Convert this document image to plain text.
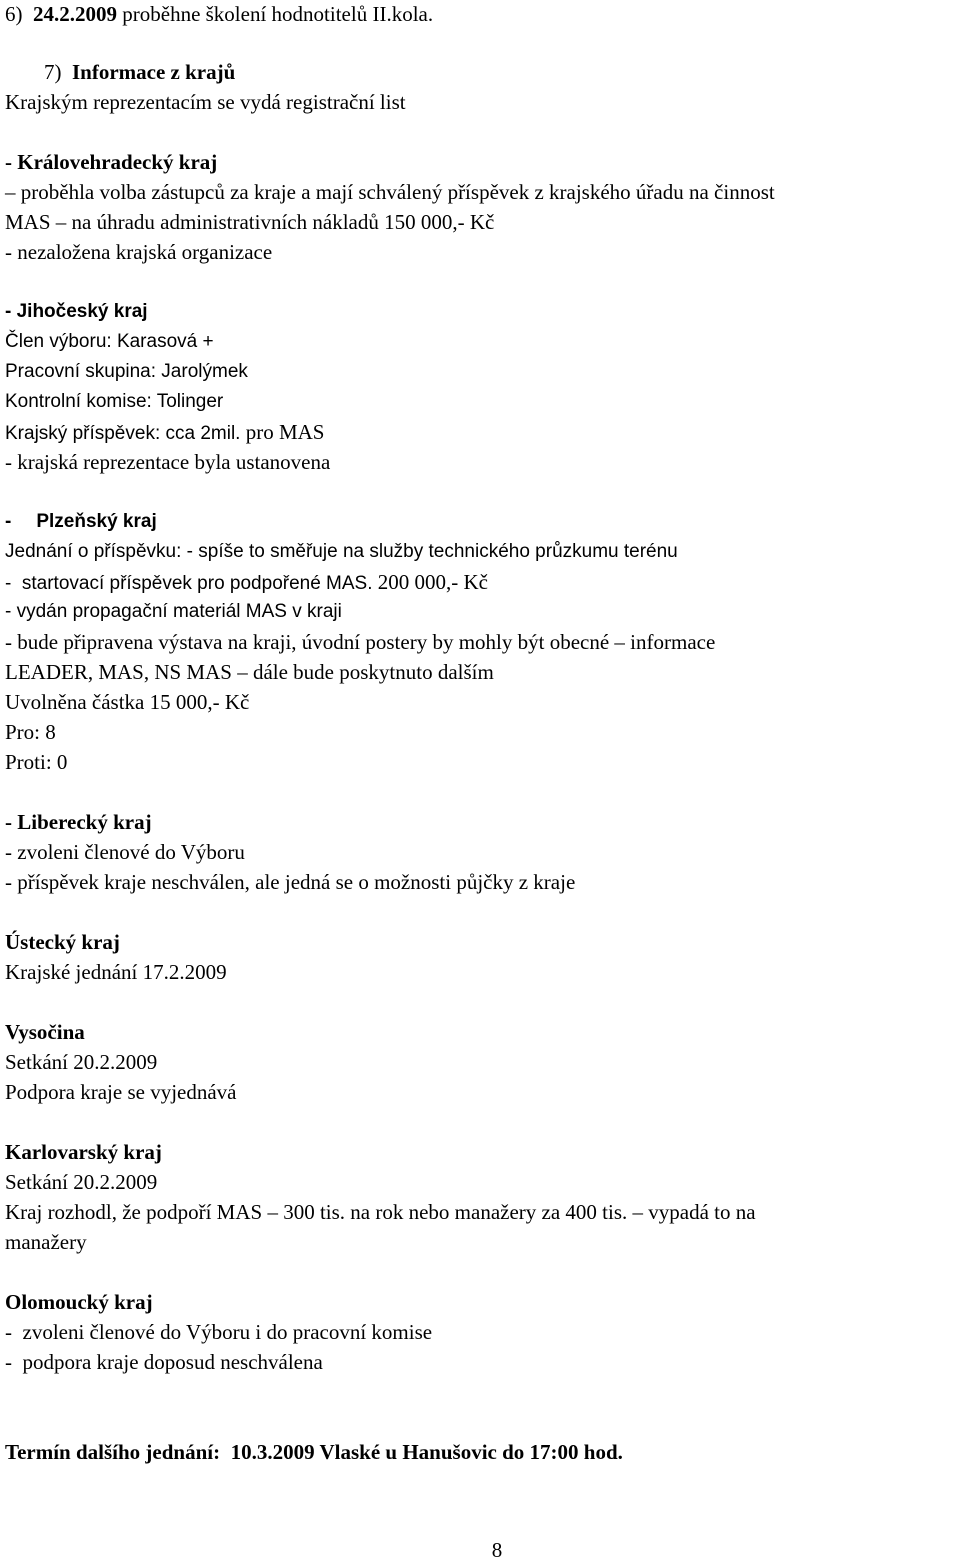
6)  24.2.2009 proběhne školení hodnotitelů II.kola.
7)  Informace z krajů
Krajským reprezentacím se vydá registrační list
- Královehradecký kraj
– proběhla volba zástupců za kraje a mají schválený příspěvek z krajského úřadu na činnost
MAS – na úhradu administrativních nákladů 150 000,- Kč
- nezaložena krajská organizace
- Jihočeský kraj
Člen výboru: Karasová +
Pracovní skupina: Jarolýmek
Kontrolní komise: Tolinger
Krajský příspěvek: cca 2mil. pro MAS
- krajská reprezentace byla ustanovena
- Plzeňský kraj
Jednání o příspěvku: - spíše to směřuje na služby technického průzkumu terénu
-  startovací příspěvek pro podpořené MAS. 200 000,- Kč
- vydán propagační materiál MAS v kraji
- bude připravena výstava na kraji, úvodní postery by mohly být obecné – informace
LEADER, MAS, NS MAS – dále bude poskytnuto dalším
Uvolněna částka 15 000,- Kč
Pro: 8
Proti: 0
- Liberecký kraj
- zvoleni členové do Výboru
- příspěvek kraje neschválen, ale jedná se o možnosti půjčky z kraje
Ústecký kraj
Krajské jednání 17.2.2009
Vysočina
Setkání 20.2.2009
Podpora kraje se vyjednává
Karlovarský kraj
Setkání 20.2.2009
Kraj rozhodl, že podpoří MAS – 300 tis. na rok nebo manažery za 400 tis. – vypadá to na
manažery
Olomoucký kraj
-  zvoleni členové do Výboru i do pracovní komise
-  podpora kraje doposud neschválena
Termín dalšího jednání:  10.3.2009 Vlaské u Hanušovic do 17:00 hod.
8
